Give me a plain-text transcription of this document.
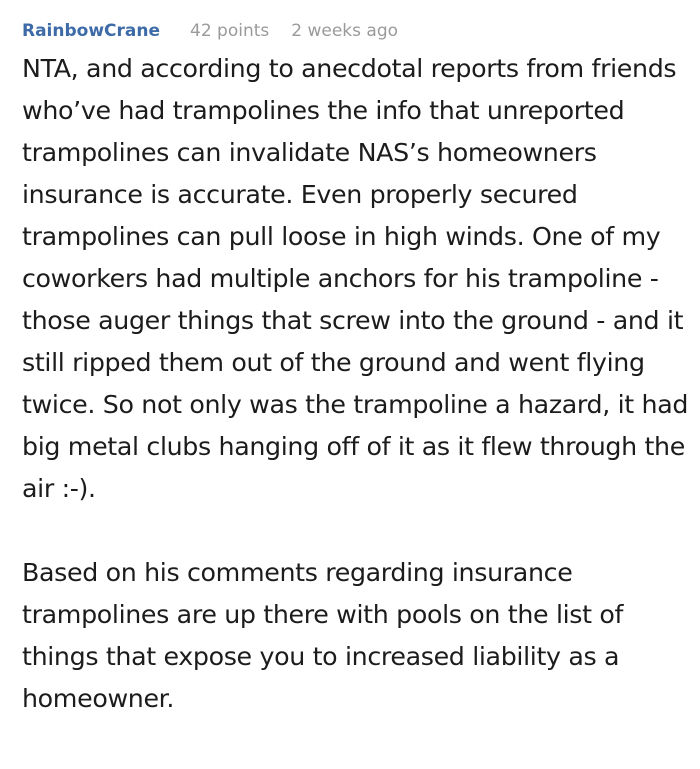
RainbowCrane 42 points 2 weeks ago

NTA, and according to anecdotal reports from friends who’ve had trampolines the info that unreported trampolines can invalidate NAS’s homeowners insurance is accurate. Even properly secured trampolines can pull loose in high winds. One of my coworkers had multiple anchors for his trampoline - those auger things that screw into the ground - and it still ripped them out of the ground and went flying twice. So not only was the trampoline a hazard, it had big metal clubs hanging off of it as it flew through the air :-).

Based on his comments regarding insurance trampolines are up there with pools on the list of things that expose you to increased liability as a homeowner.
